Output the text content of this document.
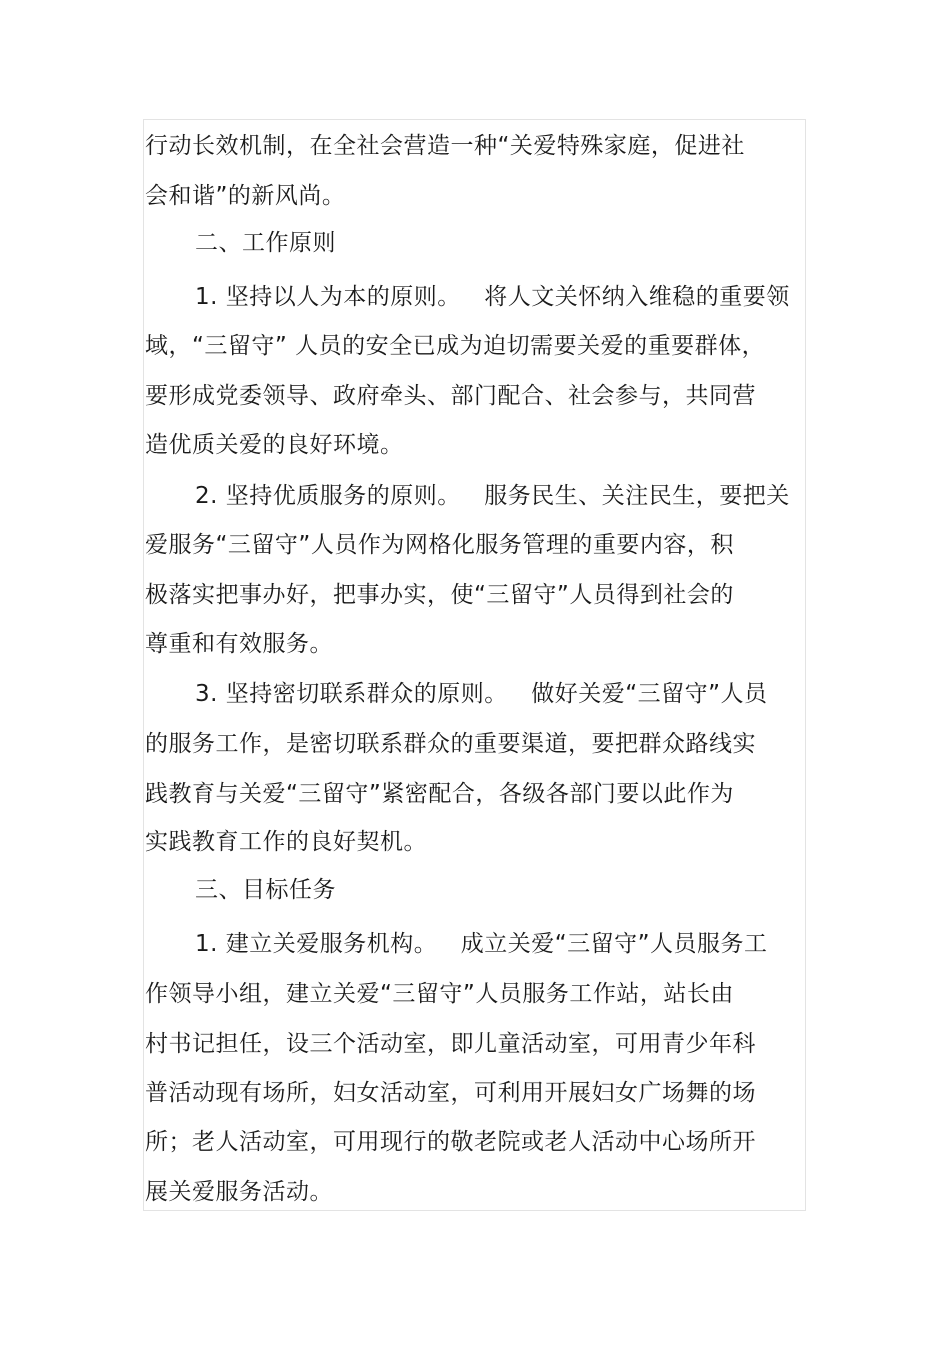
行动长效机制，在全社会营造一种“关爱特殊家庭，促进社
会和谐”的新风尚。
二、工作原则
1. 坚持以人为本的原则。   将人文关怀纳入维稳的重要领
域，“三留守” 人员的安全已成为迫切需要关爱的重要群体，
要形成党委领导、政府牵头、部门配合、社会参与，共同营
造优质关爱的良好环境。
2. 坚持优质服务的原则。   服务民生、关注民生，要把关
爱服务“三留守”人员作为网格化服务管理的重要内容，积
极落实把事办好，把事办实，使“三留守”人员得到社会的
尊重和有效服务。
3. 坚持密切联系群众的原则。   做好关爱“三留守”人员
的服务工作，是密切联系群众的重要渠道，要把群众路线实
践教育与关爱“三留守”紧密配合，各级各部门要以此作为
实践教育工作的良好契机。
三、目标任务
1. 建立关爱服务机构。   成立关爱“三留守”人员服务工
作领导小组，建立关爱“三留守”人员服务工作站，站长由
村书记担任，设三个活动室，即儿童活动室，可用青少年科
普活动现有场所，妇女活动室，可利用开展妇女广场舞的场
所；老人活动室，可用现行的敬老院或老人活动中心场所开
展关爱服务活动。
